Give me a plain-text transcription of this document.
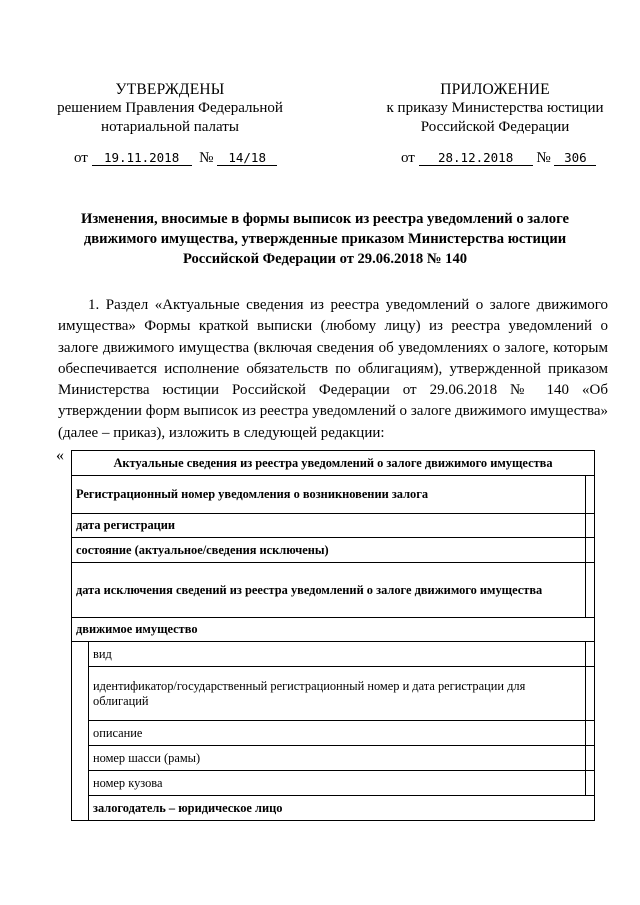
УТВЕРЖДЕНЫ
решением Правления Федеральной
нотариальной палаты
ПРИЛОЖЕНИЕ
к приказу Министерства юстиции
Российской Федерации
от 19.11.2018 № 14/18	от 28.12.2018 № 306
Изменения, вносимые в формы выписок из реестра уведомлений о залоге движимого имущества, утвержденные приказом Министерства юстиции Российской Федерации от 29.06.2018 № 140
1. Раздел «Актуальные сведения из реестра уведомлений о залоге движимого имущества» Формы краткой выписки (любому лицу) из реестра уведомлений о залоге движимого имущества (включая сведения об уведомлениях о залоге, которым обеспечивается исполнение обязательств по облигациям), утвержденной приказом Министерства юстиции Российской Федерации от 29.06.2018 № 140 «Об утверждении форм выписок из реестра уведомлений о залоге движимого имущества» (далее – приказ), изложить в следующей редакции:
«	Актуальные сведения из реестра уведомлений о залоге движимого имущества		
Регистрационный номер уведомления о возникновении залога		
дата регистрации		
состояние (актуальное/сведения исключены)		
дата исключения сведений из реестра уведомлений о залоге движимого имущества		
движимое имущество		
	вид	
	идентификатор/государственный регистрационный номер и дата регистрации для облигаций	
	описание	
	номер шасси (рамы)	
	номер кузова	
	залогодатель – юридическое лицо	
